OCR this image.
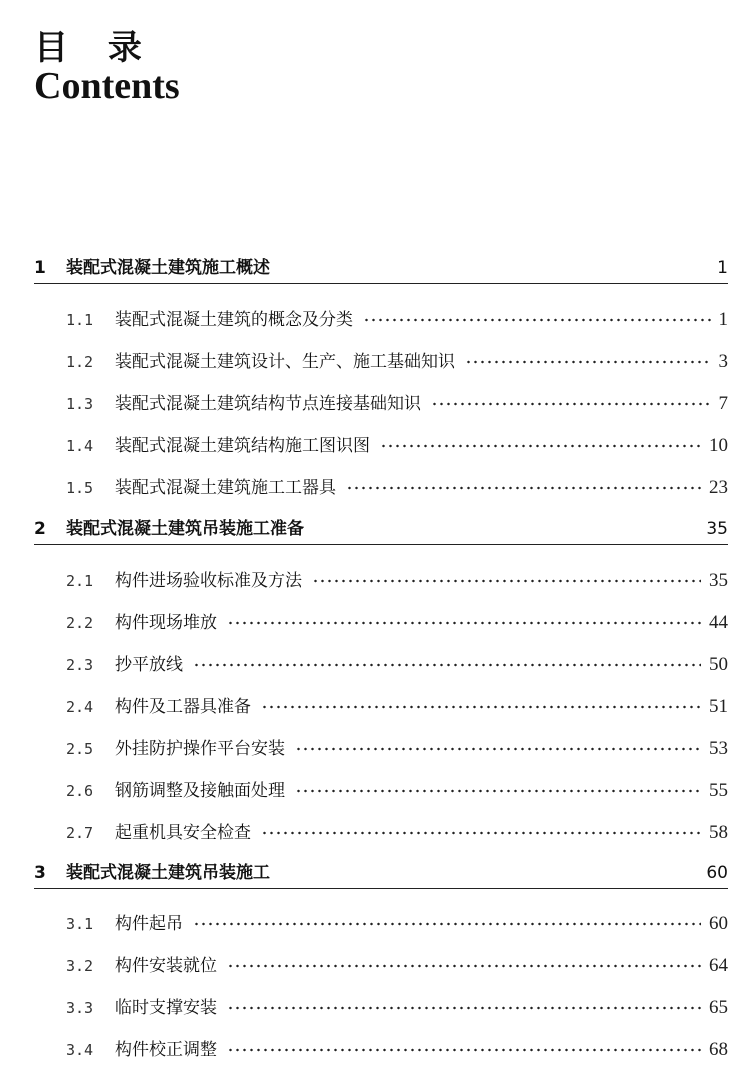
目 录
Contents
1 装配式混凝土建筑施工概述	1
1.1	装配式混凝土建筑的概念及分类	1
1.2	装配式混凝土建筑设计、生产、施工基础知识	3
1.3	装配式混凝土建筑结构节点连接基础知识	7
1.4	装配式混凝土建筑结构施工图识图	10
1.5	装配式混凝土建筑施工工器具	23
2 装配式混凝土建筑吊装施工准备	35
2.1	构件进场验收标准及方法	35
2.2	构件现场堆放	44
2.3	抄平放线	50
2.4	构件及工器具准备	51
2.5	外挂防护操作平台安装	53
2.6	钢筋调整及接触面处理	55
2.7	起重机具安全检查	58
3 装配式混凝土建筑吊装施工	60
3.1	构件起吊	60
3.2	构件安装就位	64
3.3	临时支撑安装	65
3.4	构件校正调整	68
